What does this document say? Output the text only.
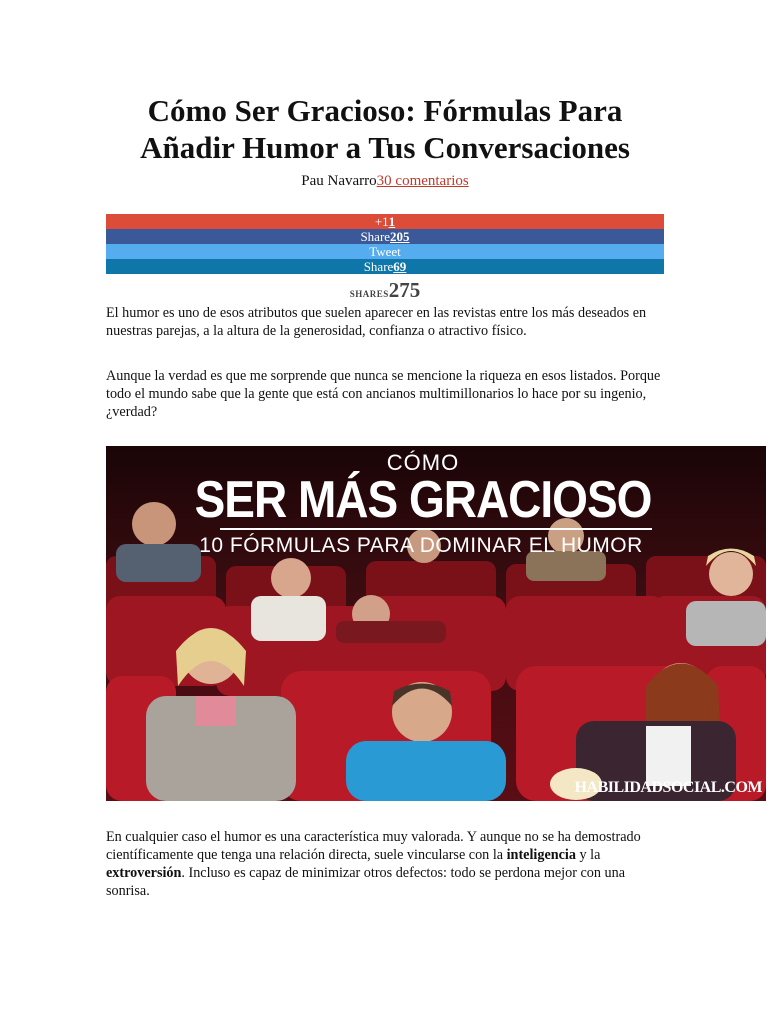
Cómo Ser Gracioso: Fórmulas Para Añadir Humor a Tus Conversaciones
Pau Navarro30 comentarios
+11
Share205
Tweet
Share69
SHARES275

El humor es uno de esos atributos que suelen aparecer en las revistas entre los más deseados en nuestras parejas, a la altura de la generosidad, confianza o atractivo físico.

Aunque la verdad es que me sorprende que nunca se mencione la riqueza en esos listados. Porque todo el mundo sabe que la gente que está con ancianos multimillonarios lo hace por su ingenio, ¿verdad?

CÓMO
SER MÁS GRACIOSO
10 FÓRMULAS PARA DOMINAR EL HUMOR
HABILIDADSOCIAL.COM

En cualquier caso el humor es una característica muy valorada. Y aunque no se ha demostrado científicamente que tenga una relación directa, suele vincularse con la inteligencia y la extroversión. Incluso es capaz de minimizar otros defectos: todo se perdona mejor con una sonrisa.
